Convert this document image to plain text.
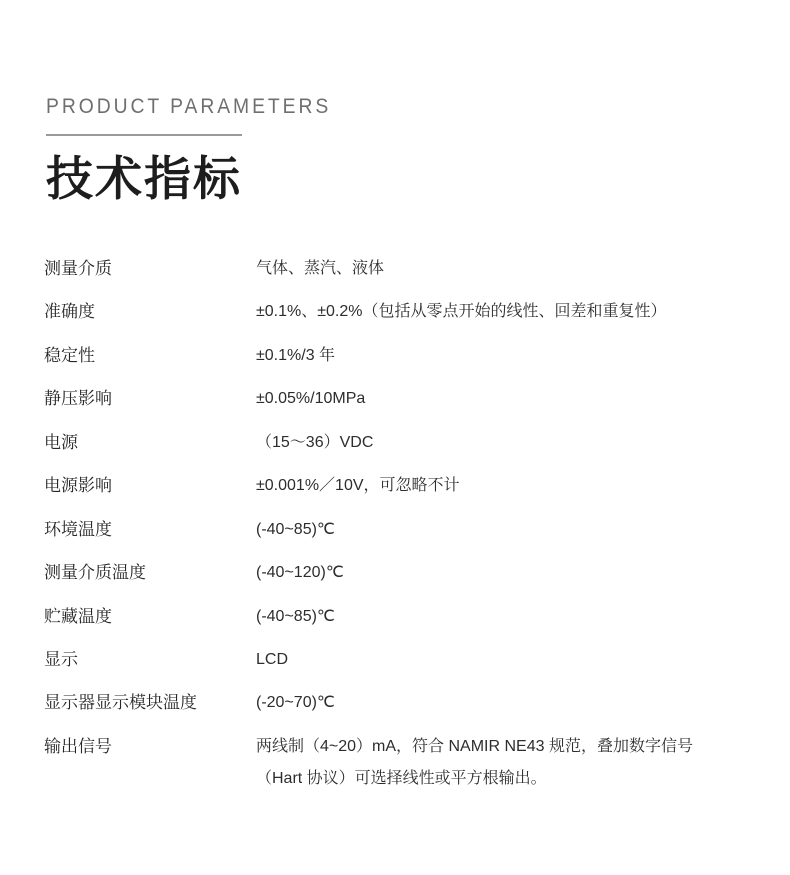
PRODUCT PARAMETERS
技术指标
测量介质	气体、蒸汽、液体
准确度	±0.1%、±0.2%（包括从零点开始的线性、回差和重复性）
稳定性	±0.1%/3 年
静压影响	±0.05%/10MPa
电源	（15～36）VDC
电源影响	±0.001%／10V，可忽略不计
环境温度	(-40~85)℃
测量介质温度	(-40~120)℃
贮藏温度	(-40~85)℃
显示	LCD
显示器显示模块温度	(-20~70)℃
输出信号	两线制（4~20）mA，符合 NAMIR NE43 规范，叠加数字信号
（Hart 协议）可选择线性或平方根输出。
